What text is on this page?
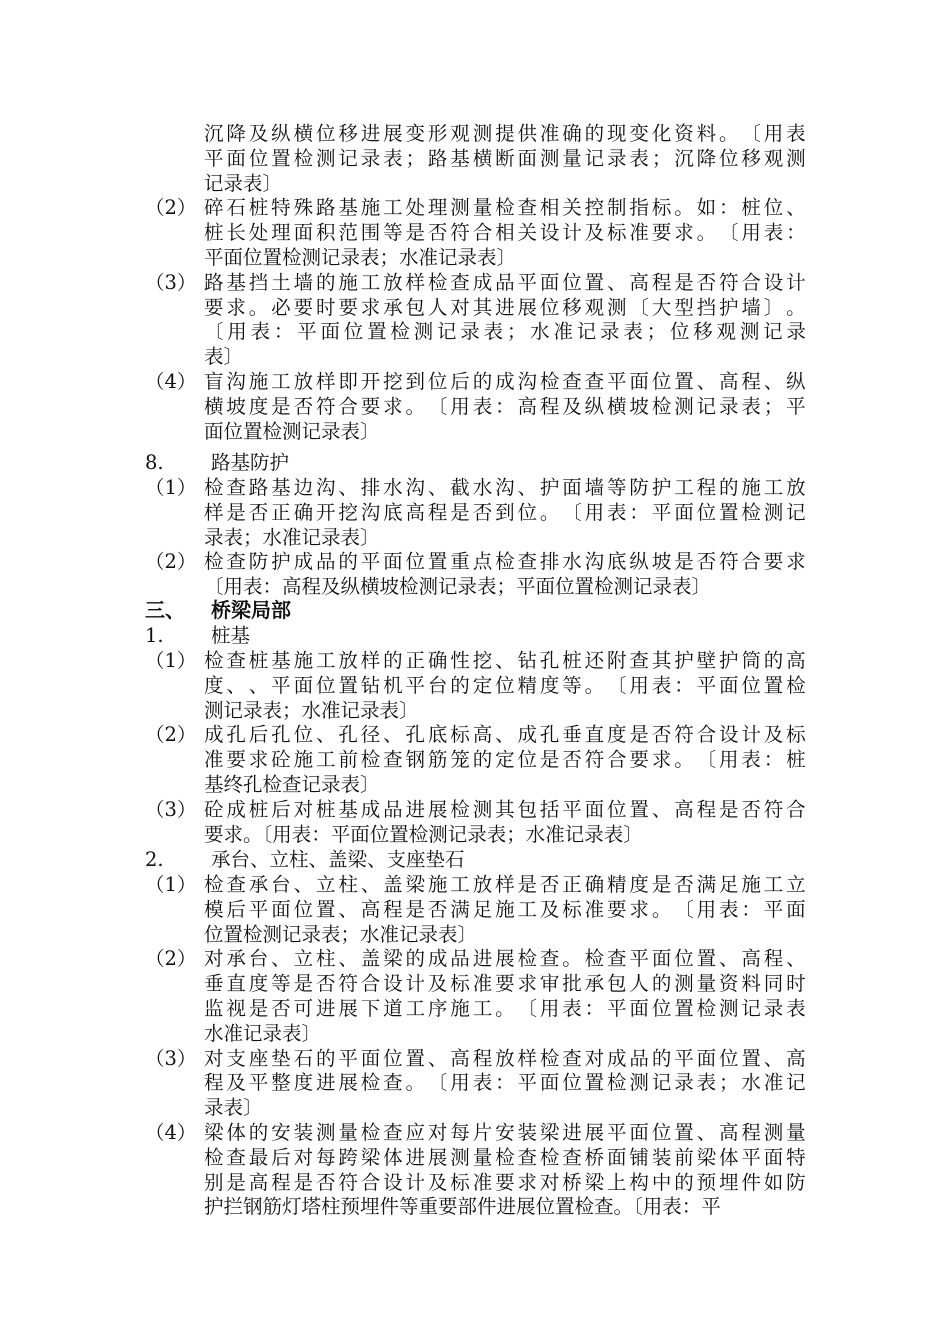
沉 降 及 纵 横 位 移 进 展 变 形 观 测 提 供 准 确 的 现 变 化 资 料 。 〔 用 表
平 面 位 置 检 测 记 录 表 ； 路 基 横 断 面 测 量 记 录 表 ； 沉 降 位 移 观 测
记录表〕
（2） 碎 石 桩 特 殊 路 基 施 工 处 理 测 量 检 查 相 关 控 制 指 标 。 如 ： 桩 位 、
桩 长 处 理 面 积 范 围 等 是 否 符 合 相 关 设 计 及 标 准 要 求 。 〔 用 表 ：
平面位置检测记录表；水准记录表〕
（3） 路 基 挡 土 墙 的 施 工 放 样 检 查 成 品 平 面 位 置 、 高 程 是 否 符 合 设 计
要 求 。 必 要 时 要 求 承 包 人 对 其 进 展 位 移 观 测 〔 大 型 挡 护 墙 〕 。
〔 用 表 ： 平 面 位 置 检 测 记 录 表 ； 水 准 记 录 表 ； 位 移 观 测 记 录
表〕
（4） 盲 沟 施 工 放 样 即 开 挖 到 位 后 的 成 沟 检 查 查 平 面 位 置 、 高 程 、 纵
横 坡 度 是 否 符 合 要 求 。 〔 用 表 ： 高 程 及 纵 横 坡 检 测 记 录 表 ； 平
面位置检测记录表〕
8. 路基防护
（1） 检 查 路 基 边 沟 、 排 水 沟 、 截 水 沟 、 护 面 墙 等 防 护 工 程 的 施 工 放
样 是 否 正 确 开 挖 沟 底 高 程 是 否 到 位 。 〔 用 表 ： 平 面 位 置 检 测 记
录表；水准记录表〕
（2） 检 查 防 护 成 品 的 平 面 位 置 重 点 检 查 排 水 沟 底 纵 坡 是 否 符 合 要 求
〔用表：高程及纵横坡检测记录表；平面位置检测记录表〕
三、 桥梁局部
1. 桩基
（1） 检 查 桩 基 施 工 放 样 的 正 确 性 挖 、 钻 孔 桩 还 附 查 其 护 壁 护 筒 的 高
度 、 、 平 面 位 置 钻 机 平 台 的 定 位 精 度 等 。 〔 用 表 ： 平 面 位 置 检
测记录表；水准记录表〕
（2） 成 孔 后 孔 位 、 孔 径 、 孔 底 标 高 、 成 孔 垂 直 度 是 否 符 合 设 计 及 标
准 要 求 砼 施 工 前 检 查 钢 筋 笼 的 定 位 是 否 符 合 要 求 。 〔 用 表 ： 桩
基终孔检查记录表〕
（3） 砼 成 桩 后 对 桩 基 成 品 进 展 检 测 其 包 括 平 面 位 置 、 高 程 是 否 符 合
要求。〔用表：平面位置检测记录表；水准记录表〕
2. 承台、立柱、盖梁、支座垫石
（1） 检 查 承 台 、 立 柱 、 盖 梁 施 工 放 样 是 否 正 确 精 度 是 否 满 足 施 工 立
模 后 平 面 位 置 、 高 程 是 否 满 足 施 工 及 标 准 要 求 。 〔 用 表 ： 平 面
位置检测记录表；水准记录表〕
（2） 对 承 台 、 立 柱 、 盖 梁 的 成 品 进 展 检 查 。 检 查 平 面 位 置 、 高 程 、
垂 直 度 等 是 否 符 合 设 计 及 标 准 要 求 审 批 承 包 人 的 测 量 资 料 同 时
监 视 是 否 可 进 展 下 道 工 序 施 工 。 〔 用 表 ： 平 面 位 置 检 测 记 录 表
水准记录表〕
（3） 对 支 座 垫 石 的 平 面 位 置 、 高 程 放 样 检 查 对 成 品 的 平 面 位 置 、 高
程 及 平 整 度 进 展 检 查 。 〔 用 表 ： 平 面 位 置 检 测 记 录 表 ； 水 准 记
录表〕
（4） 梁 体 的 安 装 测 量 检 查 应 对 每 片 安 装 梁 进 展 平 面 位 置 、 高 程 测 量
检 查 最 后 对 每 跨 梁 体 进 展 测 量 检 查 检 查 桥 面 铺 装 前 梁 体 平 面 特
别 是 高 程 是 否 符 合 设 计 及 标 准 要 求 对 桥 梁 上 构 中 的 预 埋 件 如 防
护拦钢筋灯塔柱预埋件等重要部件进展位置检查。〔用表：平
